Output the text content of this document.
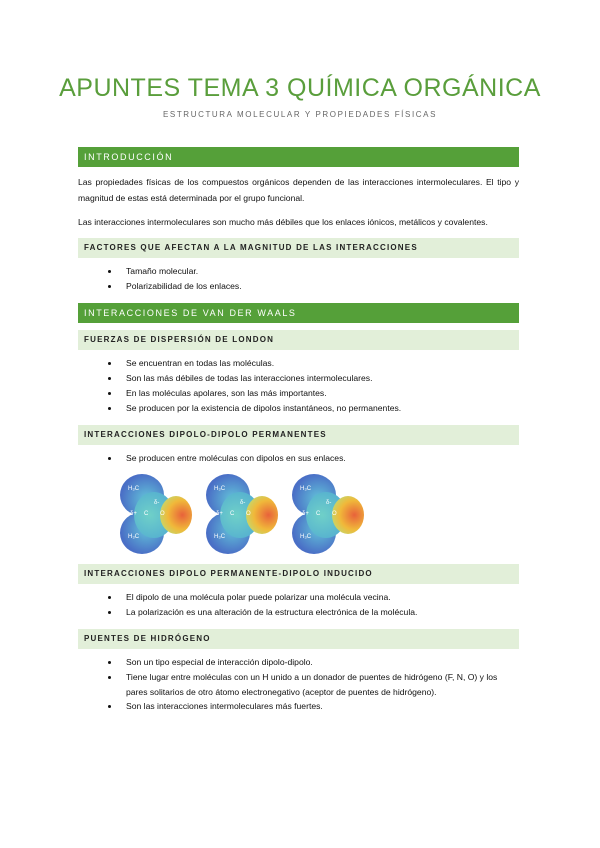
APUNTES TEMA 3 QUÍMICA ORGÁNICA
ESTRUCTURA MOLECULAR Y PROPIEDADES FÍSICAS
INTRODUCCIÓN

Las propiedades físicas de los compuestos orgánicos dependen de las interacciones intermoleculares. El tipo y magnitud de estas está determinada por el grupo funcional.

Las interacciones intermoleculares son mucho más débiles que los enlaces iónicos, metálicos y covalentes.

FACTORES QUE AFECTAN A LA MAGNITUD DE LAS INTERACCIONES
• Tamaño molecular.
• Polarizabilidad de los enlaces.
INTERACCIONES DE VAN DER WAALS
FUERZAS DE DISPERSIÓN DE LONDON
• Se encuentran en todas las moléculas.
• Son las más débiles de todas las interacciones intermoleculares.
• En las moléculas apolares, son las más importantes.
• Se producen por la existencia de dipolos instantáneos, no permanentes.
INTERACCIONES DIPOLO-DIPOLO PERMANENTES
• Se producen entre moléculas con dipolos en sus enlaces.
H₃C
H₃C
δ+ C O
δ-
H₃C
H₃C
δ+ C O
δ-
H₃C
H₃C
δ+ C O
δ-
INTERACCIONES DIPOLO PERMANENTE-DIPOLO INDUCIDO
• El dipolo de una molécula polar puede polarizar una molécula vecina.
• La polarización es una alteración de la estructura electrónica de la molécula.
PUENTES DE HIDRÓGENO
• Son un tipo especial de interacción dipolo-dipolo.
• Tiene lugar entre moléculas con un H unido a un donador de puentes de hidrógeno (F, N, O) y los pares solitarios de otro átomo electronegativo (aceptor de puentes de hidrógeno).
• Son las interacciones intermoleculares más fuertes.
